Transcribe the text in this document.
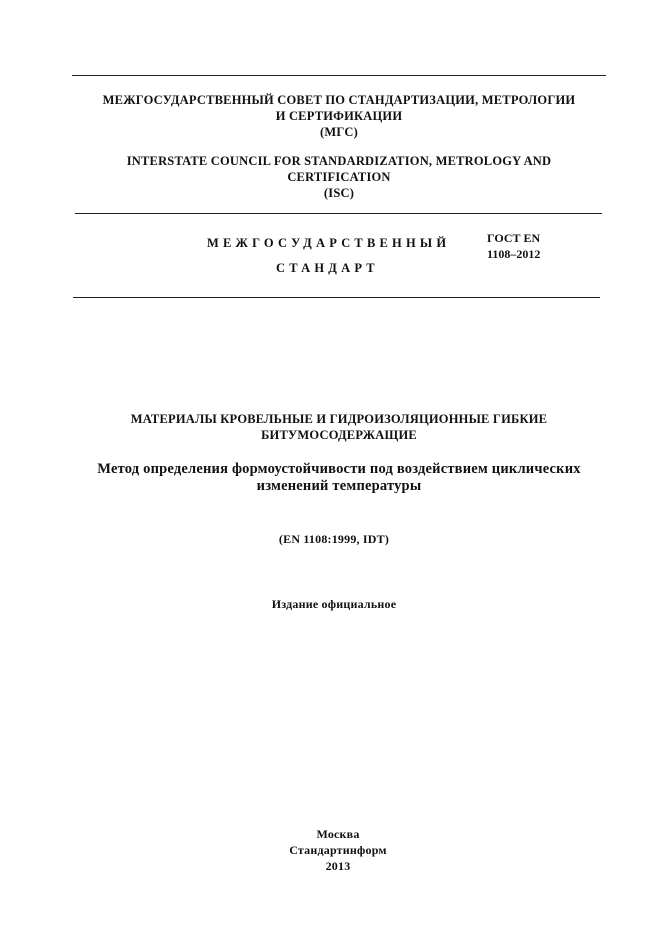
МЕЖГОСУДАРСТВЕННЫЙ СОВЕТ ПО СТАНДАРТИЗАЦИИ, МЕТРОЛОГИИ
И СЕРТИФИКАЦИИ
(МГС)
INTERSTATE COUNCIL FOR STANDARDIZATION, METROLOGY AND
CERTIFICATION
(ISC)
МЕЖГОСУДАРСТВЕННЫЙ
СТАНДАРТ
ГОСТ EN
1108–2012
МАТЕРИАЛЫ КРОВЕЛЬНЫЕ И ГИДРОИЗОЛЯЦИОННЫЕ ГИБКИЕ
БИТУМОСОДЕРЖАЩИЕ
Метод определения формоустойчивости под воздействием циклических
изменений температуры
(EN 1108:1999, IDT)
Издание официальное
Москва
Стандартинформ
2013
